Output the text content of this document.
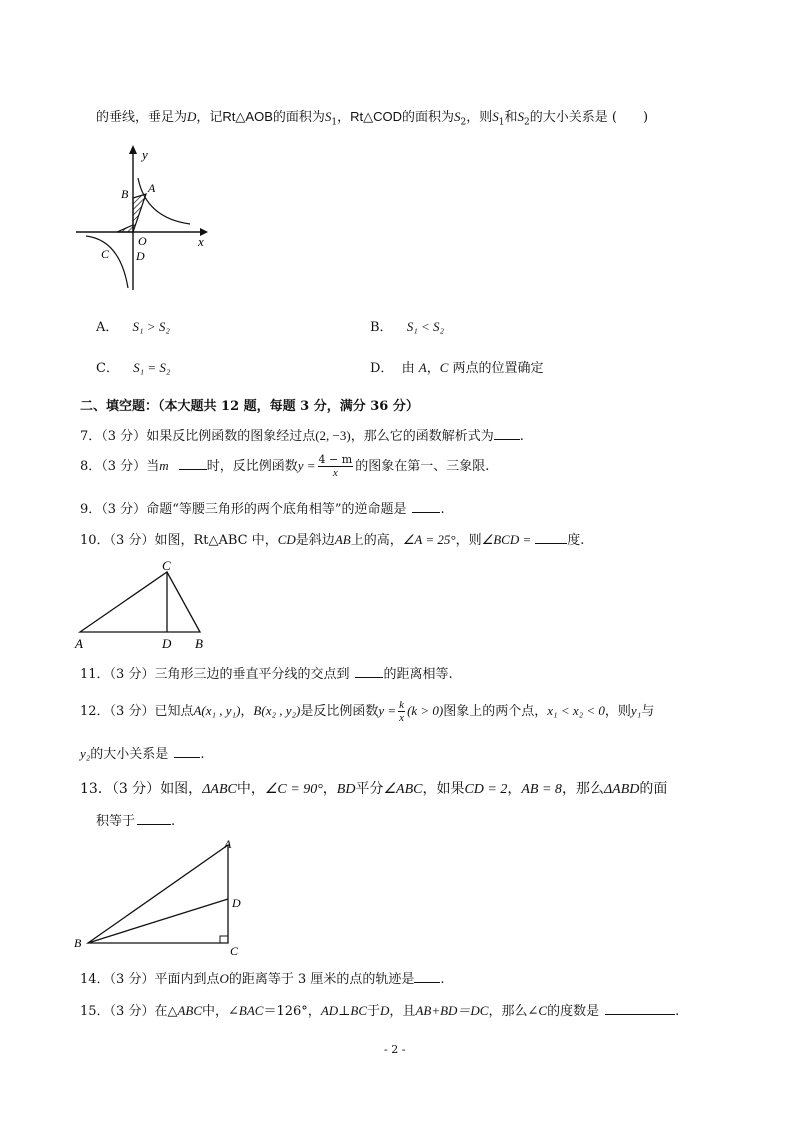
的垂线，垂足为D，记Rt△AOB的面积为$S_1$，Rt△COD的面积为$S_2$，则$S_1$和$S_2$的大小关系是 (　　)
y
x
A
B
O
C D
A． S₁ > S₂	B． S₁ < S₂
C． S₁ = S₂	D． 由 A，C 两点的位置确定
二、填空题：（本大题共 12 题，每题 3 分，满分 36 分）
7．（3 分）如果反比例函数的图象经过点(2, −3)，那么它的函数解析式为 .
8．（3 分）当m	时，反比例函数$y = \frac{4 - m}{x}$ 的图象在第一、三象限.
9．（3 分）命题“等腰三角形的两个底角相等”的逆命题是	.
10．（3 分）如图，Rt△ABC 中，CD是斜边AB上的高，∠A = 25°，则∠BCD =	度.
C
A	D B
11．（3 分）三角形三边的垂直平分线的交点到	的距离相等.
12．（3 分）已知点A(x₁ , y₁)，B(x₂ , y₂)是反比例函数$y = \frac{k}{x} (k > 0)$图象上的两个点，x₁ < x₂ < 0，则y₁与
y₂的大小关系是 .
13．（3 分）如图，ΔABC中，∠C = 90°，BD平分∠ABC，如果CD = 2，AB = 8，那么ΔABD的面
积等于	.
A
D
B
C
14．（3 分）平面内到点O的距离等于 3 厘米的点的轨迹是 .
15．（3 分）在△ABC中，∠BAC＝126°，AD⊥BC于D，且AB+BD＝DC，那么∠C的度数是	.
- 2 -
